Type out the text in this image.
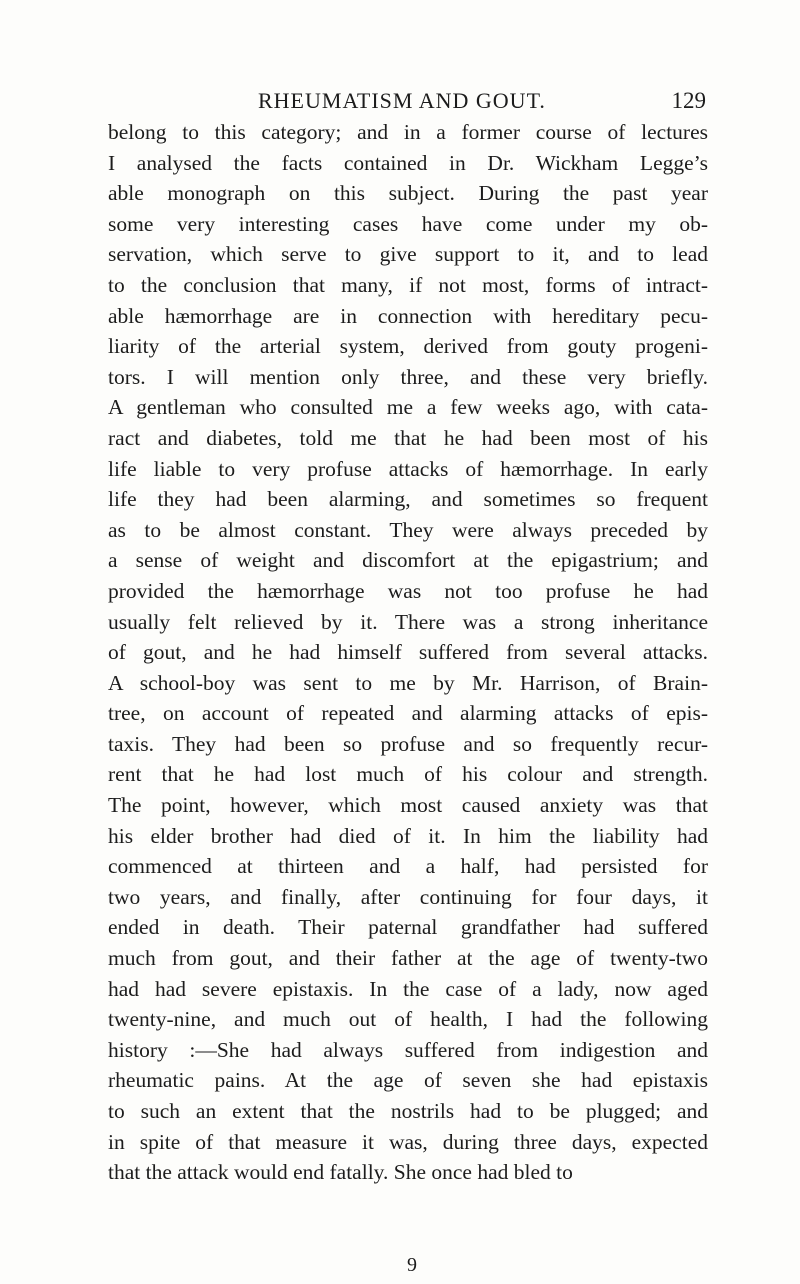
RHEUMATISM AND GOUT.	129
belong to this category; and in a former course of lectures
I analysed the facts contained in Dr. Wickham Legge’s
able monograph on this subject. During the past year
some very interesting cases have come under my ob-
servation, which serve to give support to it, and to lead
to the conclusion that many, if not most, forms of intract-
able hæmorrhage are in connection with hereditary pecu-
liarity of the arterial system, derived from gouty progeni-
tors. I will mention only three, and these very briefly.
A gentleman who consulted me a few weeks ago, with cata-
ract and diabetes, told me that he had been most of his
life liable to very profuse attacks of hæmorrhage. In early
life they had been alarming, and sometimes so frequent
as to be almost constant. They were always preceded by
a sense of weight and discomfort at the epigastrium; and
provided the hæmorrhage was not too profuse he had
usually felt relieved by it. There was a strong inheritance
of gout, and he had himself suffered from several attacks.
A school-boy was sent to me by Mr. Harrison, of Brain-
tree, on account of repeated and alarming attacks of epis-
taxis. They had been so profuse and so frequently recur-
rent that he had lost much of his colour and strength.
The point, however, which most caused anxiety was that
his elder brother had died of it. In him the liability had
commenced at thirteen and a half, had persisted for
two years, and finally, after continuing for four days, it
ended in death. Their paternal grandfather had suffered
much from gout, and their father at the age of twenty-two
had had severe epistaxis. In the case of a lady, now aged
twenty-nine, and much out of health, I had the following
history :—She had always suffered from indigestion and
rheumatic pains. At the age of seven she had epistaxis
to such an extent that the nostrils had to be plugged; and
in spite of that measure it was, during three days, expected
that the attack would end fatally. She once had bled to
9
